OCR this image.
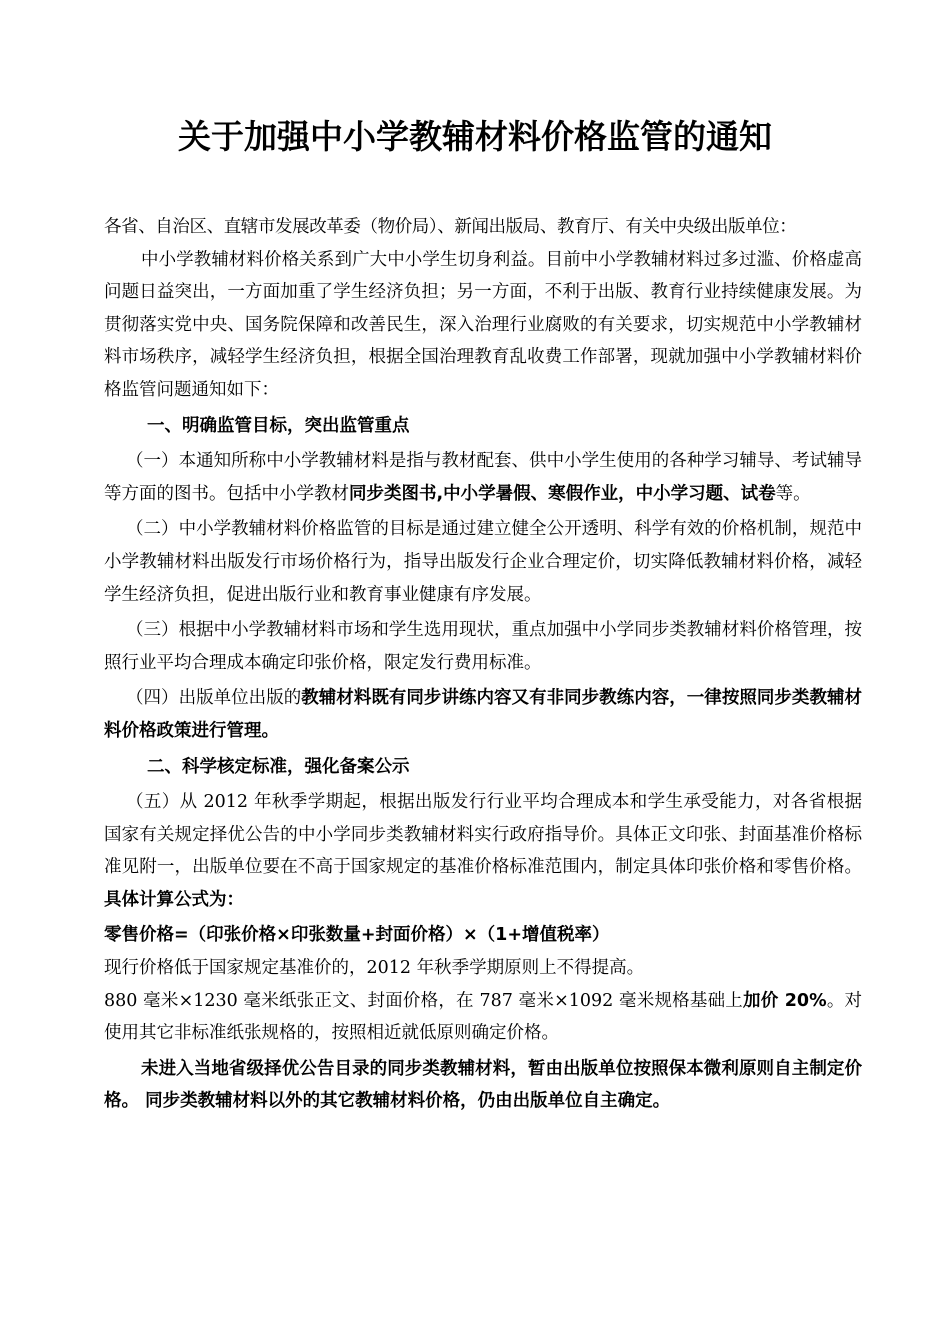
关于加强中小学教辅材料价格监管的通知

各省、自治区、直辖市发展改革委（物价局）、新闻出版局、教育厅、有关中央级出版单位：

中小学教辅材料价格关系到广大中小学生切身利益。目前中小学教辅材料过多过滥、价格虚高问题日益突出，一方面加重了学生经济负担；另一方面，不利于出版、教育行业持续健康发展。为贯彻落实党中央、国务院保障和改善民生，深入治理行业腐败的有关要求，切实规范中小学教辅材料市场秩序，减轻学生经济负担，根据全国治理教育乱收费工作部署，现就加强中小学教辅材料价格监管问题通知如下：

一、明确监管目标，突出监管重点

（一）本通知所称中小学教辅材料是指与教材配套、供中小学生使用的各种学习辅导、考试辅导等方面的图书。包括中小学教材同步类图书,中小学暑假、寒假作业，中小学习题、试卷等。

（二）中小学教辅材料价格监管的目标是通过建立健全公开透明、科学有效的价格机制，规范中小学教辅材料出版发行市场价格行为，指导出版发行企业合理定价，切实降低教辅材料价格，减轻学生经济负担，促进出版行业和教育事业健康有序发展。

（三）根据中小学教辅材料市场和学生选用现状，重点加强中小学同步类教辅材料价格管理，按照行业平均合理成本确定印张价格，限定发行费用标准。

（四）出版单位出版的教辅材料既有同步讲练内容又有非同步教练内容，一律按照同步类教辅材料价格政策进行管理。

二、科学核定标准，强化备案公示

（五）从 2012 年秋季学期起，根据出版发行行业平均合理成本和学生承受能力，对各省根据国家有关规定择优公告的中小学同步类教辅材料实行政府指导价。具体正文印张、封面基准价格标准见附一，出版单位要在不高于国家规定的基准价格标准范围内，制定具体印张价格和零售价格。具体计算公式为：

零售价格=（印张价格×印张数量+封面价格）×（1+增值税率）

现行价格低于国家规定基准价的，2012 年秋季学期原则上不得提高。

880 毫米×1230 毫米纸张正文、封面价格，在 787 毫米×1092 毫米规格基础上加价 20%。对使用其它非标准纸张规格的，按照相近就低原则确定价格。

未进入当地省级择优公告目录的同步类教辅材料，暂由出版单位按照保本微利原则自主制定价格。 同步类教辅材料以外的其它教辅材料价格，仍由出版单位自主确定。
